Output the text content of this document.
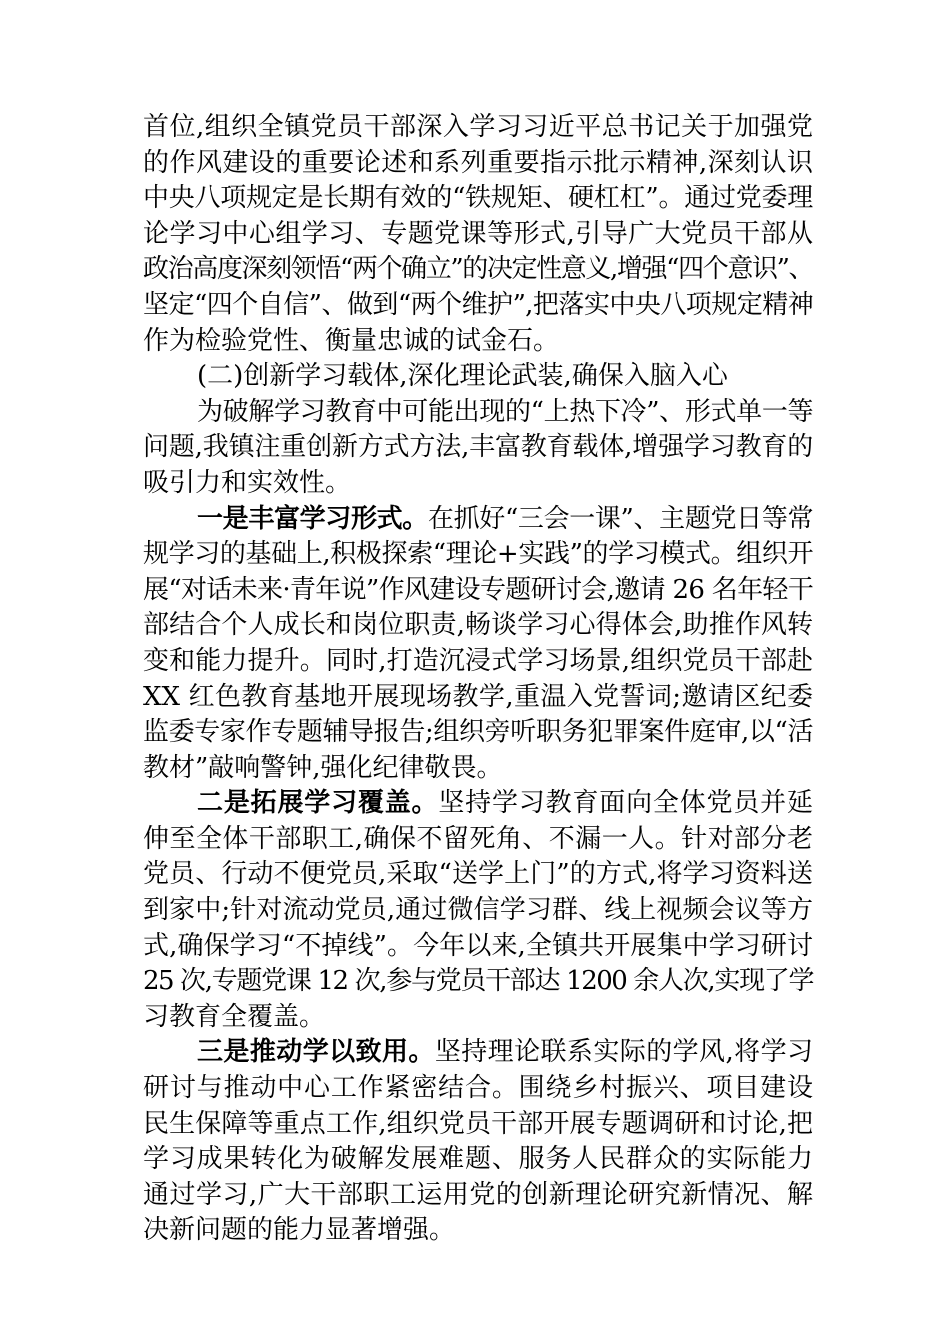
首位,组织全镇党员干部深入学习习近平总书记关于加强党
的作风建设的重要论述和系列重要指示批示精神,深刻认识
中央八项规定是长期有效的“铁规矩、硬杠杠”。通过党委理
论学习中心组学习、专题党课等形式,引导广大党员干部从
政治高度深刻领悟“两个确立”的决定性意义,增强“四个意识”、
坚定“四个自信”、做到“两个维护”,把落实中央八项规定精神
作为检验党性、衡量忠诚的试金石。
(二)创新学习载体,深化理论武装,确保入脑入心
为破解学习教育中可能出现的“上热下冷”、形式单一等
问题,我镇注重创新方式方法,丰富教育载体,增强学习教育的
吸引力和实效性。
一是丰富学习形式。在抓好“三会一课”、主题党日等常
规学习的基础上,积极探索“理论+实践”的学习模式。组织开
展“对话未来·青年说”作风建设专题研讨会,邀请 26 名年轻干
部结合个人成长和岗位职责,畅谈学习心得体会,助推作风转
变和能力提升。同时,打造沉浸式学习场景,组织党员干部赴
XX 红色教育基地开展现场教学,重温入党誓词;邀请区纪委
监委专家作专题辅导报告;组织旁听职务犯罪案件庭审,以“活
教材”敲响警钟,强化纪律敬畏。
二是拓展学习覆盖。坚持学习教育面向全体党员并延
伸至全体干部职工,确保不留死角、不漏一人。针对部分老
党员、行动不便党员,采取“送学上门”的方式,将学习资料送
到家中;针对流动党员,通过微信学习群、线上视频会议等方
式,确保学习“不掉线”。今年以来,全镇共开展集中学习研讨
25 次,专题党课 12 次,参与党员干部达 1200 余人次,实现了学
习教育全覆盖。
三是推动学以致用。坚持理论联系实际的学风,将学习
研讨与推动中心工作紧密结合。围绕乡村振兴、项目建设
民生保障等重点工作,组织党员干部开展专题调研和讨论,把
学习成果转化为破解发展难题、服务人民群众的实际能力
通过学习,广大干部职工运用党的创新理论研究新情况、解
决新问题的能力显著增强。
